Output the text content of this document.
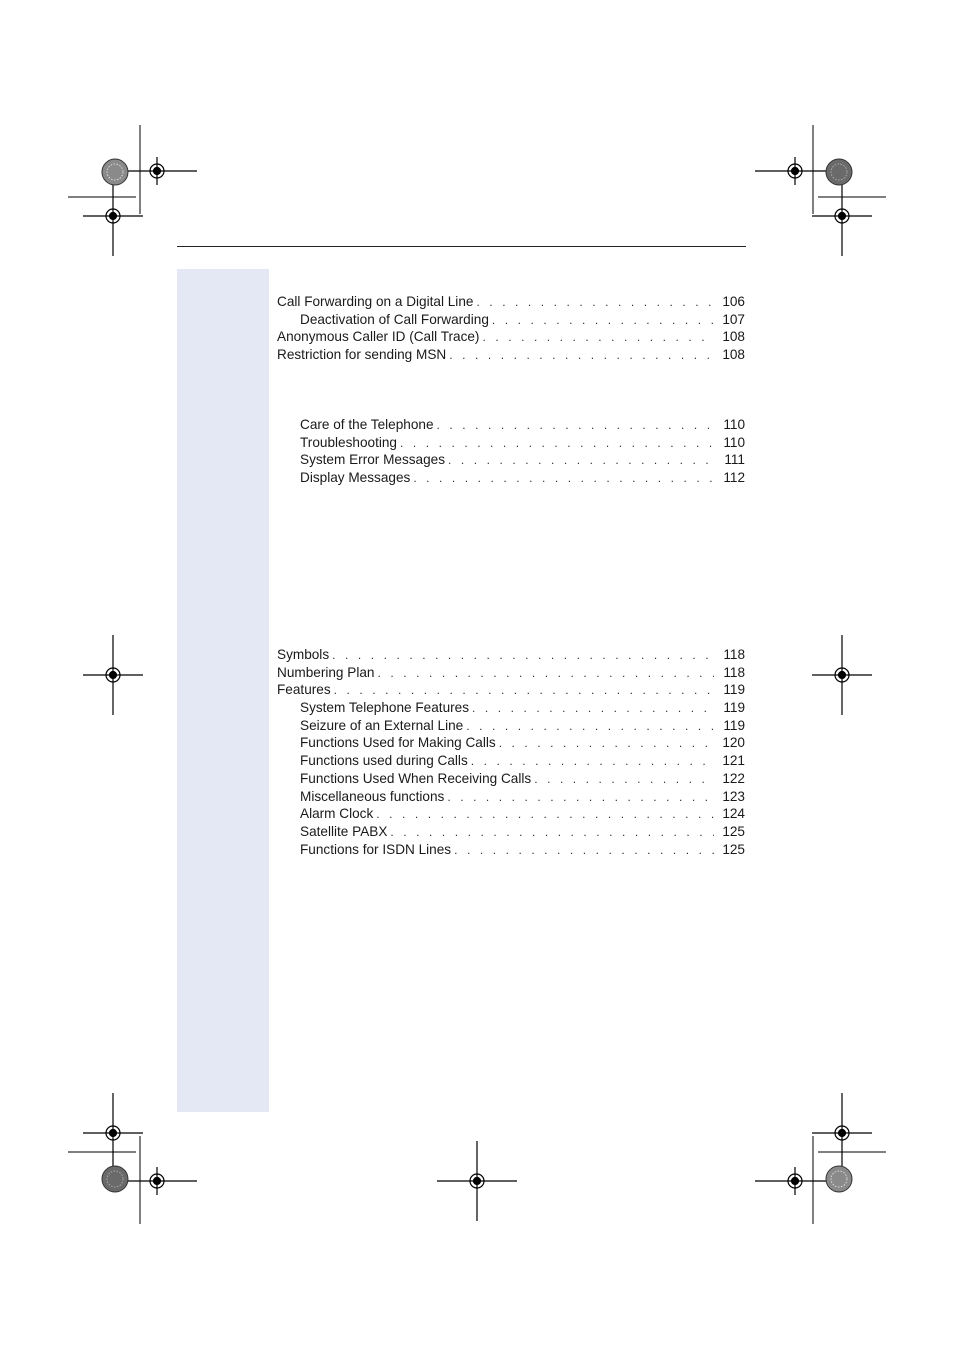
Call Forwarding on a Digital Line . . .	106
Deactivation of Call Forwarding . . .	107
Anonymous Caller ID (Call Trace) . . .	108
Restriction for sending MSN . . .	108
Care of the Telephone . . .	110
Troubleshooting . . .	110
System Error Messages . . .	111
Display Messages . . .	112
Symbols . . .	118
Numbering Plan . . .	118
Features . . .	119
System Telephone Features . . .	119
Seizure of an External Line . . .	119
Functions Used for Making Calls . . .	120
Functions used during Calls . . .	121
Functions Used When Receiving Calls . . .	122
Miscellaneous functions . . .	123
Alarm Clock . . .	124
Satellite PABX . . .	125
Functions for ISDN Lines . . .	125
